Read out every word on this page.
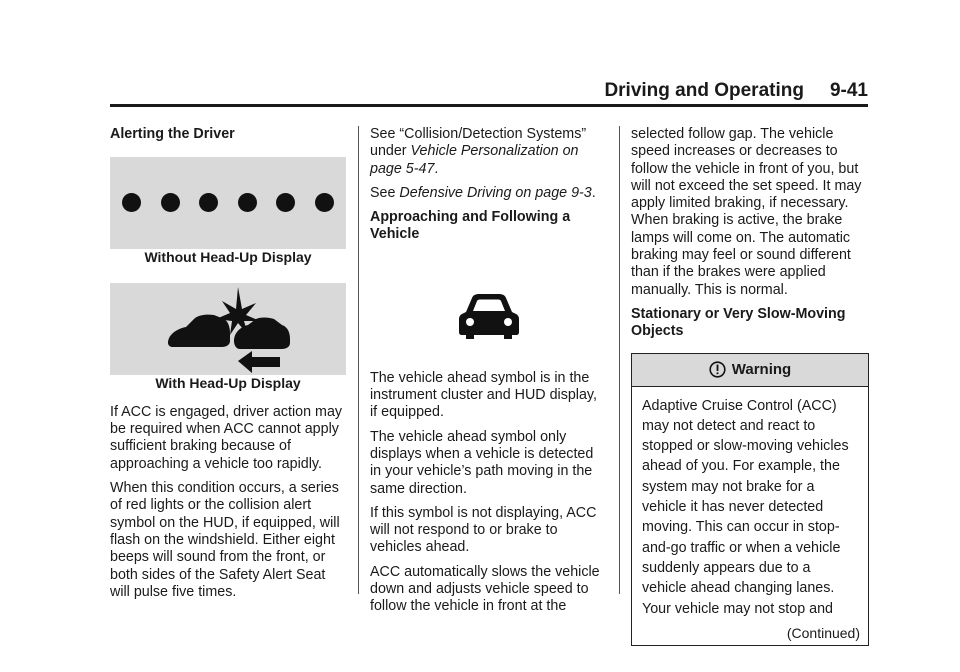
Driving and Operating 9-41

Alerting the Driver

Without Head-Up Display

With Head-Up Display

If ACC is engaged, driver action may be required when ACC cannot apply sufficient braking because of approaching a vehicle too rapidly.

When this condition occurs, a series of red lights or the collision alert symbol on the HUD, if equipped, will flash on the windshield. Either eight beeps will sound from the front, or both sides of the Safety Alert Seat will pulse five times.

See “Collision/Detection Systems” under Vehicle Personalization on page 5-47.

See Defensive Driving on page 9-3.

Approaching and Following a Vehicle

The vehicle ahead symbol is in the instrument cluster and HUD display, if equipped.

The vehicle ahead symbol only displays when a vehicle is detected in your vehicle’s path moving in the same direction.

If this symbol is not displaying, ACC will not respond to or brake to vehicles ahead.

ACC automatically slows the vehicle down and adjusts vehicle speed to follow the vehicle in front at the

selected follow gap. The vehicle speed increases or decreases to follow the vehicle in front of you, but will not exceed the set speed. It may apply limited braking, if necessary. When braking is active, the brake lamps will come on. The automatic braking may feel or sound different than if the brakes were applied manually. This is normal.

Stationary or Very Slow-Moving Objects

Warning
Adaptive Cruise Control (ACC) may not detect and react to stopped or slow-moving vehicles ahead of you. For example, the system may not brake for a vehicle it has never detected moving. This can occur in stop-and-go traffic or when a vehicle suddenly appears due to a vehicle ahead changing lanes. Your vehicle may not stop and
(Continued)
